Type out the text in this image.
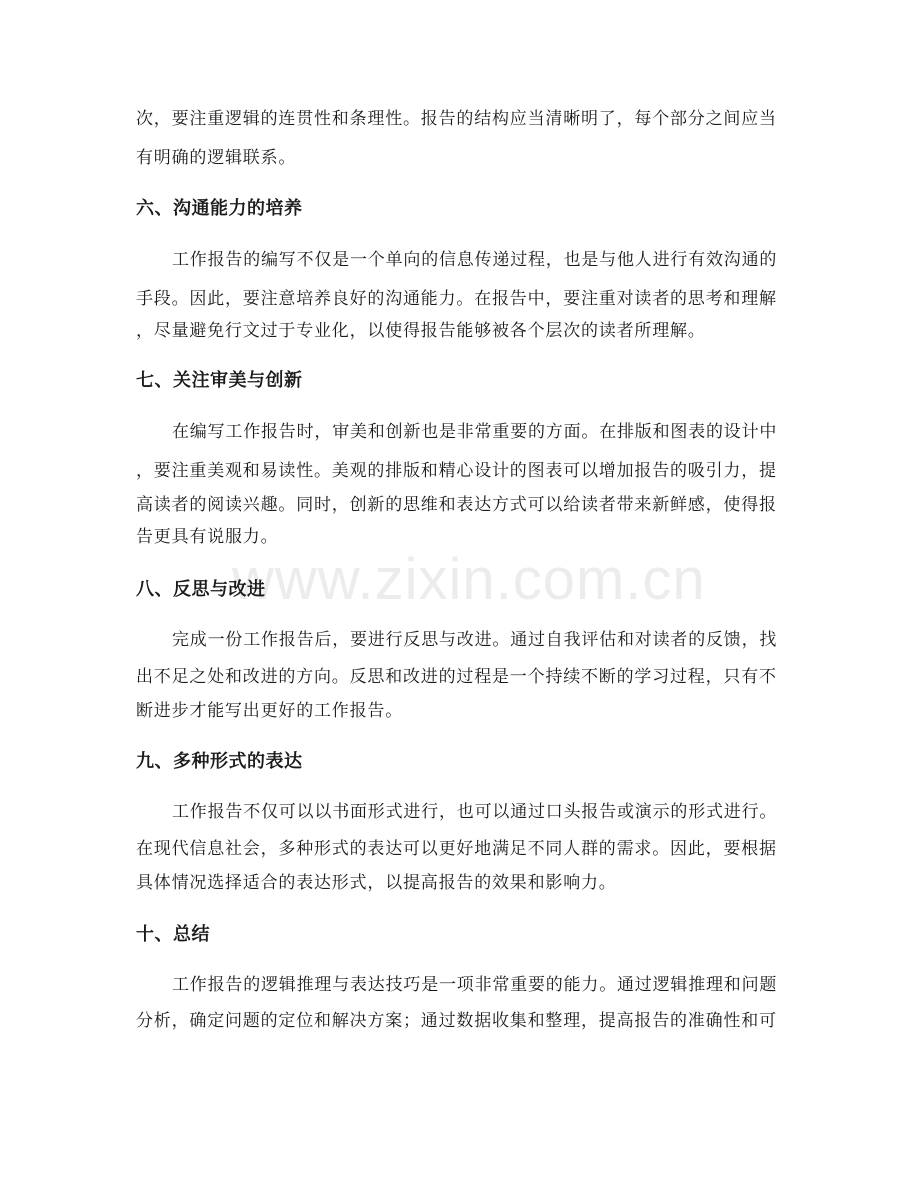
www.zixin.com.cn
次，要注重逻辑的连贯性和条理性。报告的结构应当清晰明了，每个部分之间应当
有明确的逻辑联系。
六、沟通能力的培养
工作报告的编写不仅是一个单向的信息传递过程，也是与他人进行有效沟通的
手段。因此，要注意培养良好的沟通能力。在报告中，要注重对读者的思考和理解
，尽量避免行文过于专业化，以使得报告能够被各个层次的读者所理解。
七、关注审美与创新
在编写工作报告时，审美和创新也是非常重要的方面。在排版和图表的设计中
，要注重美观和易读性。美观的排版和精心设计的图表可以增加报告的吸引力，提
高读者的阅读兴趣。同时，创新的思维和表达方式可以给读者带来新鲜感，使得报
告更具有说服力。
八、反思与改进
完成一份工作报告后，要进行反思与改进。通过自我评估和对读者的反馈，找
出不足之处和改进的方向。反思和改进的过程是一个持续不断的学习过程，只有不
断进步才能写出更好的工作报告。
九、多种形式的表达
工作报告不仅可以以书面形式进行，也可以通过口头报告或演示的形式进行。
在现代信息社会，多种形式的表达可以更好地满足不同人群的需求。因此，要根据
具体情况选择适合的表达形式，以提高报告的效果和影响力。
十、总结
工作报告的逻辑推理与表达技巧是一项非常重要的能力。通过逻辑推理和问题
分析，确定问题的定位和解决方案；通过数据收集和整理，提高报告的准确性和可
